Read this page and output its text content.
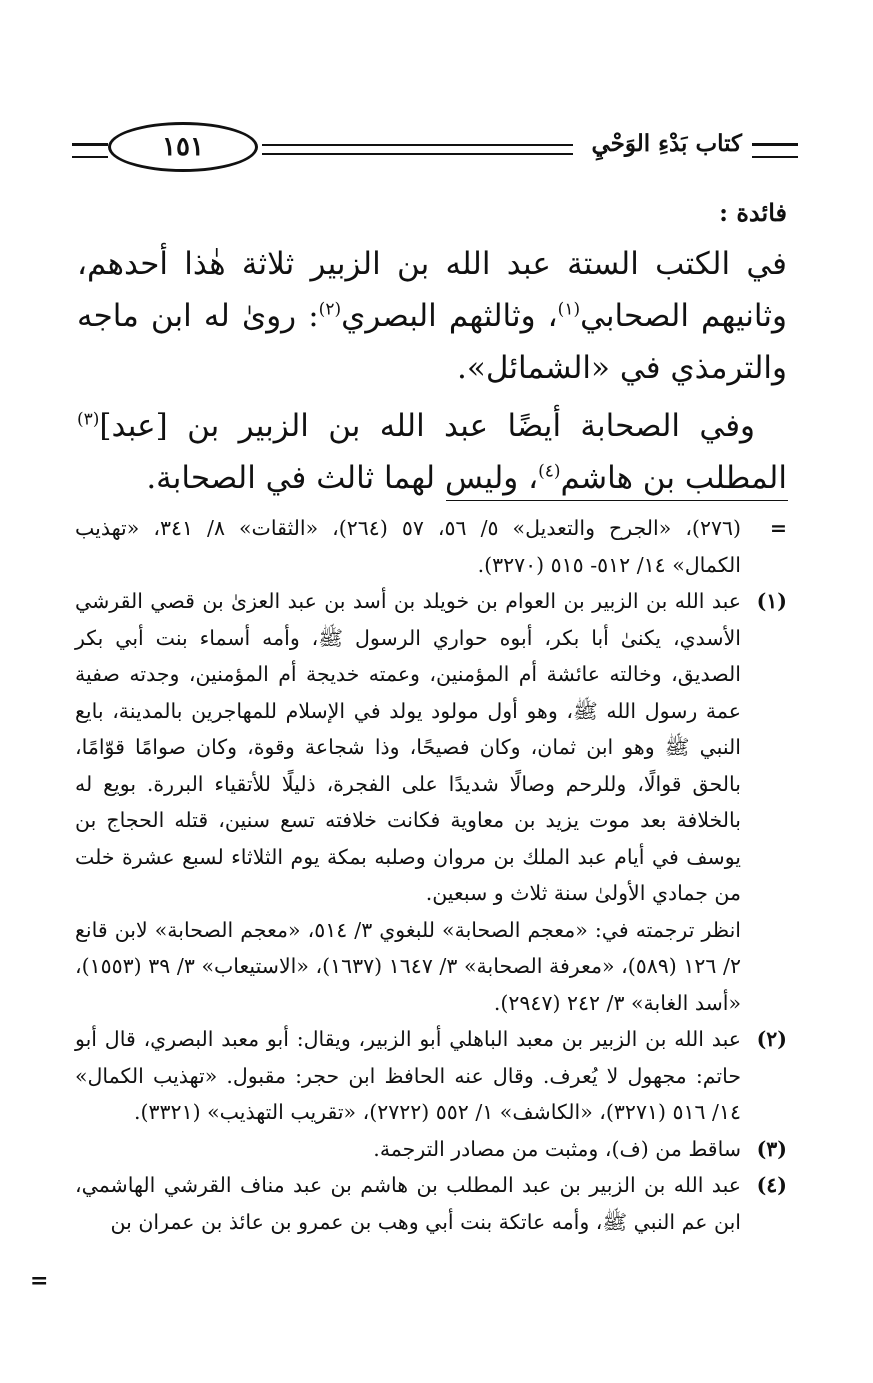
كتاب بَدْءِ الوَحْيِ
١٥١
فائدة :

في الكتب الستة عبد الله بن الزبير ثلاثة هٰذا أحدهم، وثانيهم الصحابي$^{(١)}$، وثالثهم البصري$^{(٢)}$: روىٰ له ابن ماجه والترمذي في «الشمائل».

وفي الصحابة أيضًا عبد الله بن الزبير بن [عبد]$^{(٣)}$ المطلب بن هاشم$^{(٤)}$، وليس لهما ثالث في الصحابة.

=

(٢٧٦)، «الجرح والتعديل» ٥/ ٥٦، ٥٧ (٢٦٤)، «الثقات» ٨/ ٣٤١، «تهذيب الكمال» ١٤/ ٥١٢- ٥١٥ (٣٢٧٠).

(١)

عبد الله بن الزبير بن العوام بن خويلد بن أسد بن عبد العزىٰ بن قصي القرشي الأسدي، يكنىٰ أبا بكر، أبوه حواري الرسول ﷺ، وأمه أسماء بنت أبي بكر الصديق، وخالته عائشة أم المؤمنين، وعمته خديجة أم المؤمنين، وجدته صفية عمة رسول الله ﷺ، وهو أول مولود يولد في الإسلام للمهاجرين بالمدينة، بايع النبي ﷺ وهو ابن ثمان، وكان فصيحًا، وذا شجاعة وقوة، وكان صوامًا قوّامًا، بالحق قوالًا، وللرحم وصالًا شديدًا على الفجرة، ذليلًا للأتقياء البررة. بويع له بالخلافة بعد موت يزيد بن معاوية فكانت خلافته تسع سنين، قتله الحجاج بن يوسف في أيام عبد الملك بن مروان وصلبه بمكة يوم الثلاثاء لسبع عشرة خلت من جمادي الأولىٰ سنة ثلاث و سبعين.

انظر ترجمته في: «معجم الصحابة» للبغوي ٣/ ٥١٤، «معجم الصحابة» لابن قانع ٢/ ١٢٦ (٥٨٩)، «معرفة الصحابة» ٣/ ١٦٤٧ (١٦٣٧)، «الاستيعاب» ٣/ ٣٩ (١٥٥٣)، «أسد الغابة» ٣/ ٢٤٢ (٢٩٤٧).

(٢)

عبد الله بن الزبير بن معبد الباهلي أبو الزبير، ويقال: أبو معبد البصري، قال أبو حاتم: مجهول لا يُعرف. وقال عنه الحافظ ابن حجر: مقبول. «تهذيب الكمال» ١٤/ ٥١٦ (٣٢٧١)، «الكاشف» ١/ ٥٥٢ (٢٧٢٢)، «تقريب التهذيب» (٣٣٢١).

(٣)

ساقط من (ف)، ومثبت من مصادر الترجمة.

(٤)

عبد الله بن الزبير بن عبد المطلب بن هاشم بن عبد مناف القرشي الهاشمي، ابن عم النبي ﷺ، وأمه عاتكة بنت أبي وهب بن عمرو بن عائذ بن عمران بن

=
